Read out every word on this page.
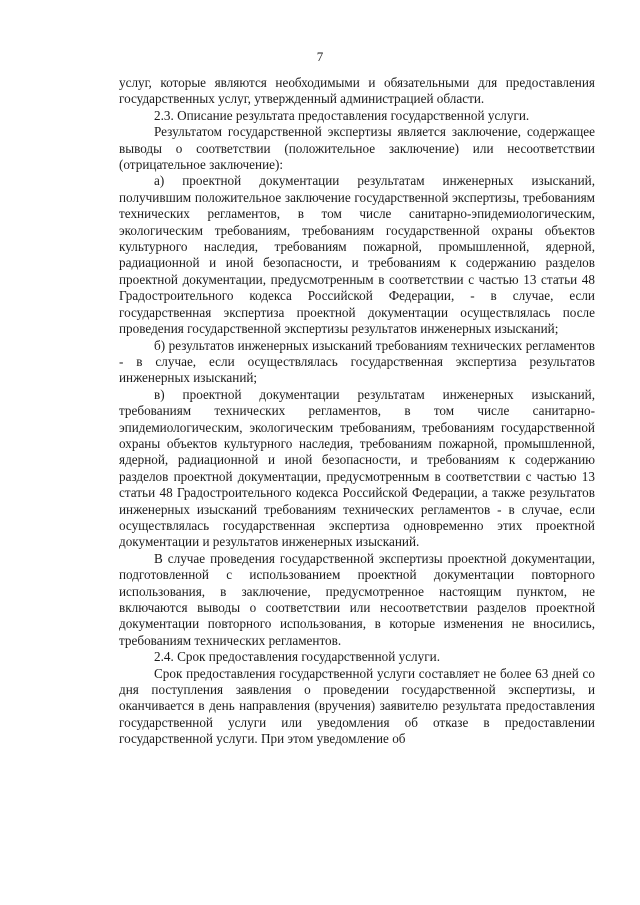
7

услуг, которые являются необходимыми и обязательными для предоставления государственных услуг, утвержденный администрацией области.

2.3. Описание результата предоставления государственной услуги.

Результатом государственной экспертизы является заключение, содержащее выводы о соответствии (положительное заключение) или несоответствии (отрицательное заключение):

а) проектной документации результатам инженерных изысканий, получившим положительное заключение государственной экспертизы, требованиям технических регламентов, в том числе санитарно-эпидемиологическим, экологическим требованиям, требованиям государственной охраны объектов культурного наследия, требованиям пожарной, промышленной, ядерной, радиационной и иной безопасности, и требованиям к содержанию разделов проектной документации, предусмотренным в соответствии с частью 13 статьи 48 Градостроительного кодекса Российской Федерации, - в случае, если государственная экспертиза проектной документации осуществлялась после проведения государственной экспертизы результатов инженерных изысканий;

б) результатов инженерных изысканий требованиям технических регламентов - в случае, если осуществлялась государственная экспертиза результатов инженерных изысканий;

в) проектной документации результатам инженерных изысканий, требованиям технических регламентов, в том числе санитарно-эпидемиологическим, экологическим требованиям, требованиям государственной охраны объектов культурного наследия, требованиям пожарной, промышленной, ядерной, радиационной и иной безопасности, и требованиям к содержанию разделов проектной документации, предусмотренным в соответствии с частью 13 статьи 48 Градостроительного кодекса Российской Федерации, а также результатов инженерных изысканий требованиям технических регламентов - в случае, если осуществлялась государственная экспертиза одновременно этих проектной документации и результатов инженерных изысканий.

В случае проведения государственной экспертизы проектной документации, подготовленной с использованием проектной документации повторного использования, в заключение, предусмотренное настоящим пунктом, не включаются выводы о соответствии или несоответствии разделов проектной документации повторного использования, в которые изменения не вносились, требованиям технических регламентов.

2.4. Срок предоставления государственной услуги.

Срок предоставления государственной услуги составляет не более 63 дней со дня поступления заявления о проведении государственной экспертизы, и оканчивается в день направления (вручения) заявителю результата предоставления государственной услуги или уведомления об отказе в предоставлении государственной услуги. При этом уведомление об
